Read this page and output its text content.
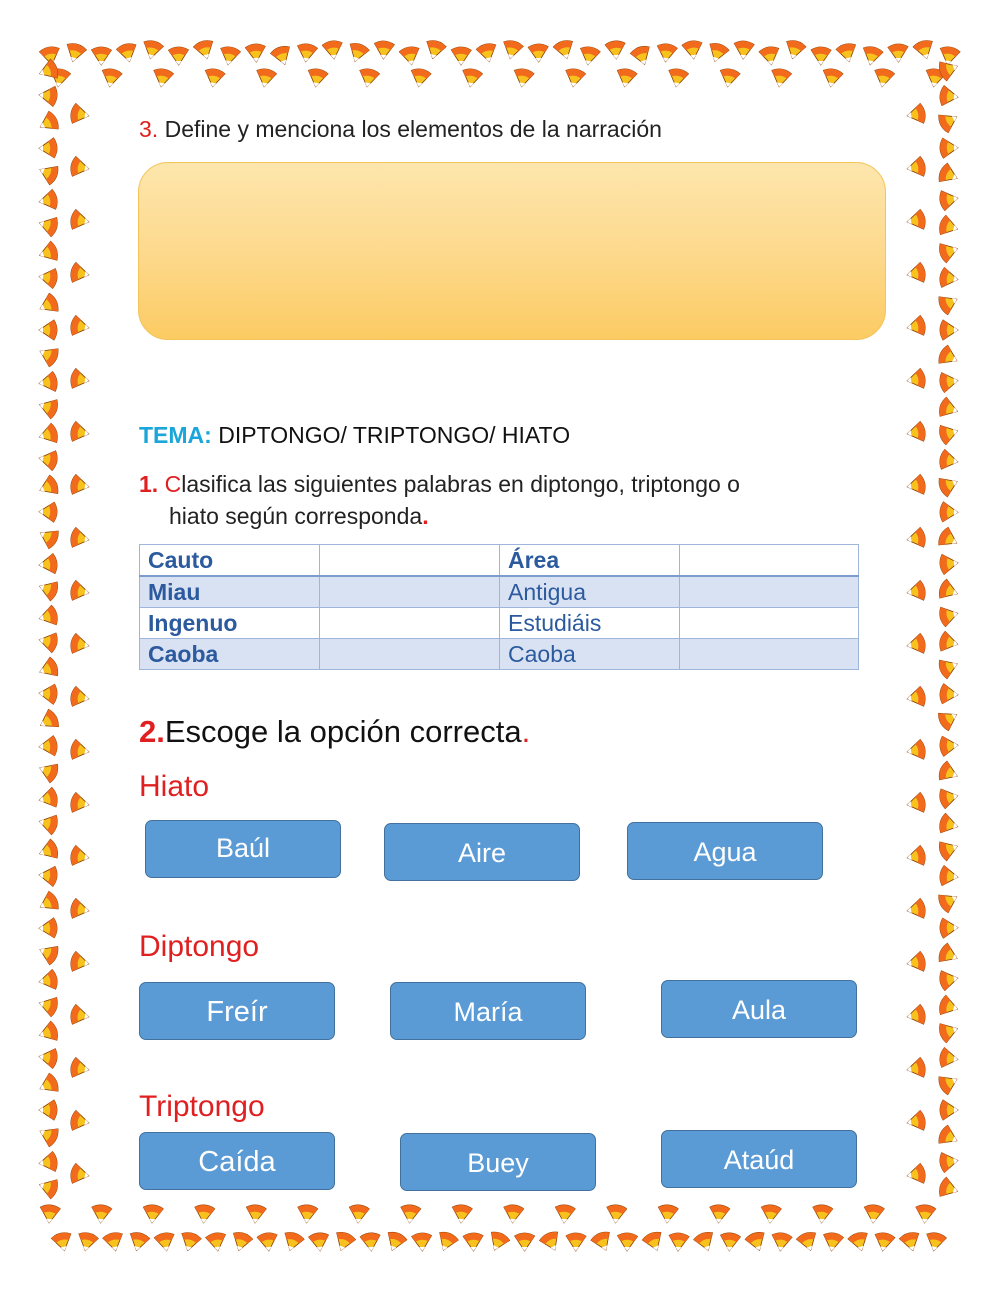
3. Define y menciona los elementos de la narración
TEMA: DIPTONGO/ TRIPTONGO/ HIATO
1. Clasifica las siguientes palabras en diptongo, triptongo o
hiato según corresponda.
Cauto		Área	
Miau		Antigua	
Ingenuo		Estudiáis	
Caoba		Caoba	
2.Escoge la opción correcta.
Hiato
Baúl	Aire	Agua
Diptongo
Freír	María	Aula
Triptongo
Caída	Buey	Ataúd
